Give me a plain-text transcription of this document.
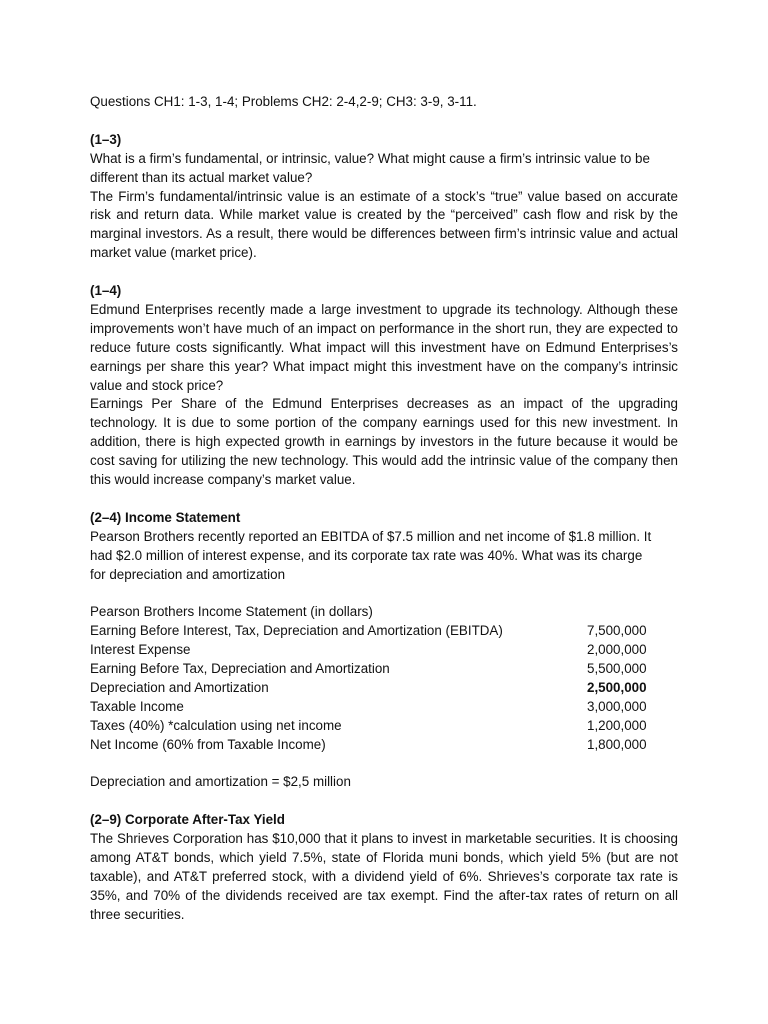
Questions CH1: 1-3, 1-4; Problems CH2: 2-4,2-9; CH3: 3-9, 3-11.

(1–3)

What is a firm’s fundamental, or intrinsic, value? What might cause a firm’s intrinsic value to be

different than its actual market value?

The Firm’s fundamental/intrinsic value is an estimate of a stock’s “true” value based on accurate risk and return data. While market value is created by the “perceived” cash flow and risk by the marginal investors. As a result, there would be differences between firm’s intrinsic value and actual market value (market price).

(1–4)

Edmund Enterprises recently made a large investment to upgrade its technology. Although these improvements won’t have much of an impact on performance in the short run, they are expected to reduce future costs significantly. What impact will this investment have on Edmund Enterprises’s earnings per share this year? What impact might this investment have on the company’s intrinsic value and stock price?

Earnings Per Share of the Edmund Enterprises decreases as an impact of the upgrading technology. It is due to some portion of the company earnings used for this new investment. In addition, there is high expected growth in earnings by investors in the future because it would be cost saving for utilizing the new technology. This would add the intrinsic value of the company then this would increase company’s market value.

(2–4) Income Statement

Pearson Brothers recently reported an EBITDA of $7.5 million and net income of $1.8 million. It

had $2.0 million of interest expense, and its corporate tax rate was 40%. What was its charge

for depreciation and amortization

Pearson Brothers Income Statement (in dollars)

Earning Before Interest, Tax, Depreciation and Amortization (EBITDA)	7,500,000
Interest Expense	2,000,000
Earning Before Tax, Depreciation and Amortization	5,500,000
Depreciation and Amortization	2,500,000
Taxable Income	3,000,000
Taxes (40%) *calculation using net income	1,200,000
Net Income (60% from Taxable Income)	1,800,000

Depreciation and amortization = $2,5 million

(2–9) Corporate After-Tax Yield

The Shrieves Corporation has $10,000 that it plans to invest in marketable securities. It is choosing among AT&T bonds, which yield 7.5%, state of Florida muni bonds, which yield 5% (but are not taxable), and AT&T preferred stock, with a dividend yield of 6%. Shrieves’s corporate tax rate is 35%, and 70% of the dividends received are tax exempt. Find the after-tax rates of return on all three securities.
